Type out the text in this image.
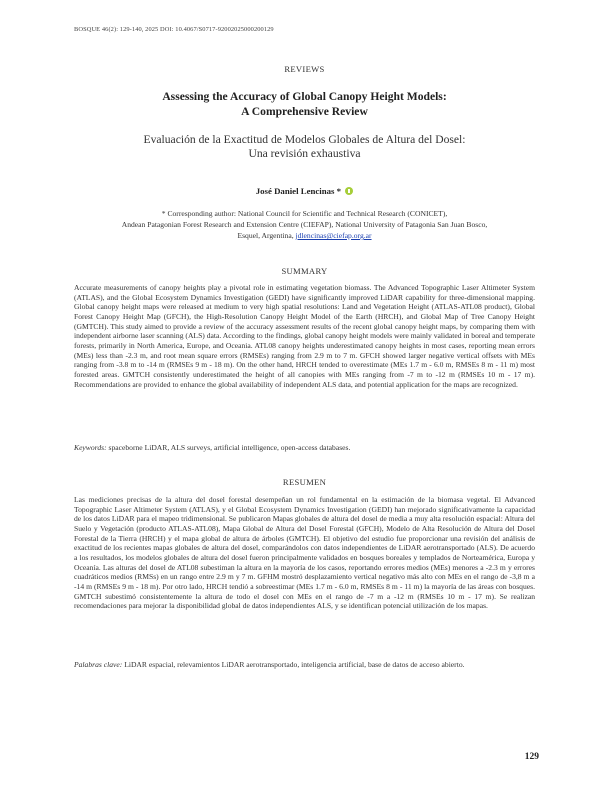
BOSQUE 46(2): 129-140, 2025 DOI: 10.4067/S0717-92002025000200129
REVIEWS
Assessing the Accuracy of Global Canopy Height Models:
A Comprehensive Review
Evaluación de la Exactitud de Modelos Globales de Altura del Dosel:
Una revisión exhaustiva
José Daniel Lencinas *
* Corresponding author: National Council for Scientific and Technical Research (CONICET),
Andean Patagonian Forest Research and Extension Centre (CIEFAP), National University of Patagonia San Juan Bosco,
Esquel, Argentina, jdlencinas@ciefap.org.ar
SUMMARY
Accurate measurements of canopy heights play a pivotal role in estimating vegetation biomass. The Advanced Topographic Laser Altimeter System (ATLAS), and the Global Ecosystem Dynamics Investigation (GEDI) have significantly improved LiDAR capability for three-dimensional mapping. Global canopy height maps were released at medium to very high spatial resolutions: Land and Vegetation Height (ATLAS-ATL08 product), Global Forest Canopy Height Map (GFCH), the High-Resolution Canopy Height Model of the Earth (HRCH), and Global Map of Tree Canopy Height (GMTCH). This study aimed to provide a review of the accuracy assessment results of the recent global canopy height maps, by comparing them with independent airborne laser scanning (ALS) data. According to the findings, global canopy height models were mainly validated in boreal and temperate forests, primarily in North America, Europe, and Oceania. ATL08 canopy heights underestimated canopy heights in most cases, reporting mean errors (MEs) less than -2.3 m, and root mean square errors (RMSEs) ranging from 2.9 m to 7 m. GFCH showed larger negative vertical offsets with MEs ranging from -3.8 m to -14 m (RMSEs 9 m - 18 m). On the other hand, HRCH tended to overestimate (MEs 1.7 m - 6.0 m, RMSEs 8 m - 11 m) most forested areas. GMTCH consistently underestimated the height of all canopies with MEs ranging from -7 m to -12 m (RMSEs 10 m - 17 m). Recommendations are provided to enhance the global availability of independent ALS data, and potential application for the maps are recognized.
Keywords: spaceborne LiDAR, ALS surveys, artificial intelligence, open-access databases.
RESUMEN
Las mediciones precisas de la altura del dosel forestal desempeñan un rol fundamental en la estimación de la biomasa vegetal. El Advanced Topographic Laser Altimeter System (ATLAS), y el Global Ecosystem Dynamics Investigation (GEDI) han mejorado significativamente la capacidad de los datos LiDAR para el mapeo tridimensional. Se publicaron Mapas globales de altura del dosel de media a muy alta resolución espacial: Altura del Suelo y Vegetación (producto ATLAS-ATL08), Mapa Global de Altura del Dosel Forestal (GFCH), Modelo de Alta Resolución de Altura del Dosel Forestal de la Tierra (HRCH) y el mapa global de altura de árboles (GMTCH). El objetivo del estudio fue proporcionar una revisión del análisis de exactitud de los recientes mapas globales de altura del dosel, comparándolos con datos independientes de LiDAR aerotransportado (ALS). De acuerdo a los resultados, los modelos globales de altura del dosel fueron principalmente validados en bosques boreales y templados de Norteamérica, Europa y Oceanía. Las alturas del dosel de ATL08 subestiman la altura en la mayoría de los casos, reportando errores medios (MEs) menores a -2.3 m y errores cuadráticos medios (RMSs) en un rango entre 2.9 m y 7 m. GFHM mostró desplazamiento vertical negativo más alto con MEs en el rango de -3,8 m a -14 m (RMSEs 9 m - 18 m). Por otro lado, HRCH tendió a sobreestimar (MEs 1.7 m - 6.0 m, RMSEs 8 m - 11 m) la mayoría de las áreas con bosques. GMTCH subestimó consistentemente la altura de todo el dosel con MEs en el rango de -7 m a -12 m (RMSEs 10 m - 17 m). Se realizan recomendaciones para mejorar la disponibilidad global de datos independientes ALS, y se identifican potencial utilización de los mapas.
Palabras clave: LiDAR espacial, relevamientos LiDAR aerotransportado, inteligencia artificial, base de datos de acceso abierto.
129
